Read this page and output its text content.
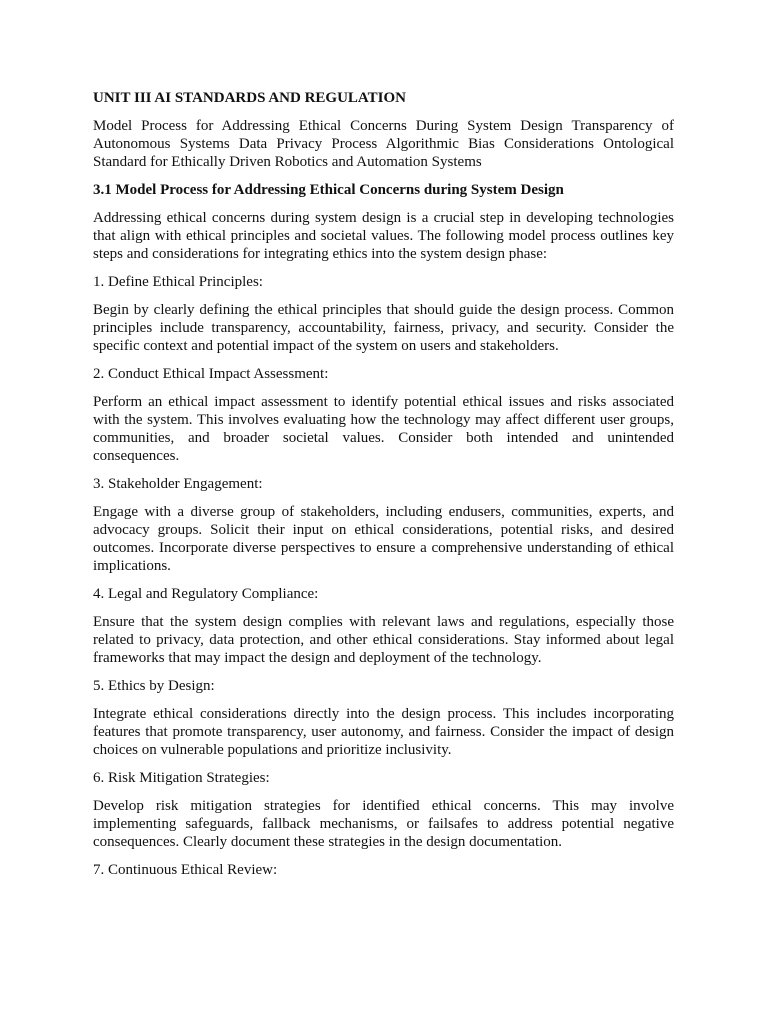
UNIT III AI STANDARDS AND REGULATION

Model Process for Addressing Ethical Concerns During System Design Transparency of Autonomous Systems Data Privacy Process Algorithmic Bias Considerations Ontological Standard for Ethically Driven Robotics and Automation Systems

3.1 Model Process for Addressing Ethical Concerns during System Design

Addressing ethical concerns during system design is a crucial step in developing technologies that align with ethical principles and societal values. The following model process outlines key steps and considerations for integrating ethics into the system design phase:

1. Define Ethical Principles:

Begin by clearly defining the ethical principles that should guide the design process. Common principles include transparency, accountability, fairness, privacy, and security. Consider the specific context and potential impact of the system on users and stakeholders.

2. Conduct Ethical Impact Assessment:

Perform an ethical impact assessment to identify potential ethical issues and risks associated with the system. This involves evaluating how the technology may affect different user groups, communities, and broader societal values. Consider both intended and unintended consequences.

3. Stakeholder Engagement:

Engage with a diverse group of stakeholders, including endusers, communities, experts, and advocacy groups. Solicit their input on ethical considerations, potential risks, and desired outcomes. Incorporate diverse perspectives to ensure a comprehensive understanding of ethical implications.

4. Legal and Regulatory Compliance:

Ensure that the system design complies with relevant laws and regulations, especially those related to privacy, data protection, and other ethical considerations. Stay informed about legal frameworks that may impact the design and deployment of the technology.

5. Ethics by Design:

Integrate ethical considerations directly into the design process. This includes incorporating features that promote transparency, user autonomy, and fairness. Consider the impact of design choices on vulnerable populations and prioritize inclusivity.

6. Risk Mitigation Strategies:

Develop risk mitigation strategies for identified ethical concerns. This may involve implementing safeguards, fallback mechanisms, or failsafes to address potential negative consequences. Clearly document these strategies in the design documentation.

7. Continuous Ethical Review:
